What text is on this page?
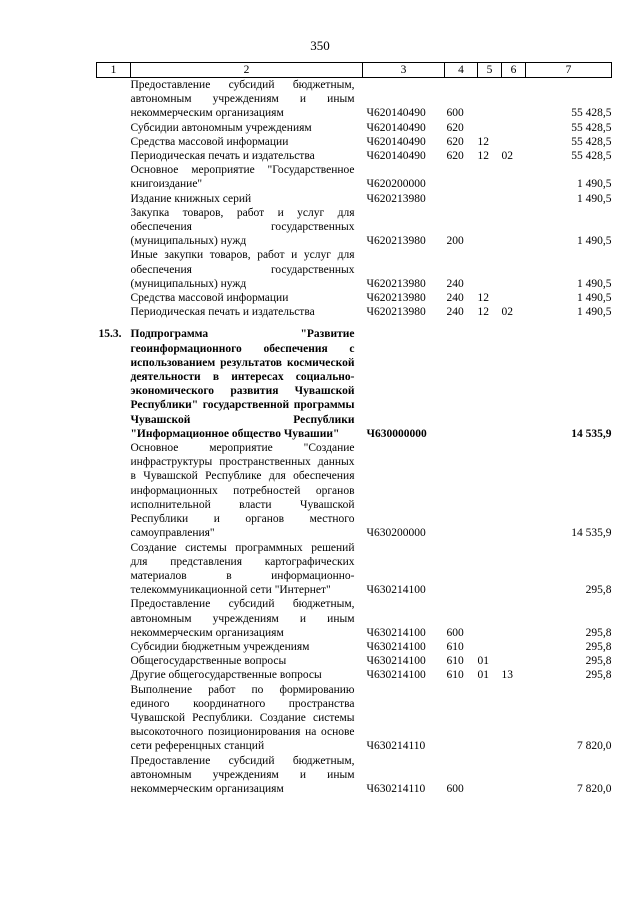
350
1	2	3	4	5	6	7
	Предоставление субсидий бюджетным, автономным учреждениям и иным некоммерческим организациям	Ч620140490	600			55 428,5
	Субсидии автономным учреждениям	Ч620140490	620			55 428,5
	Средства массовой информации	Ч620140490	620	12		55 428,5
	Периодическая печать и издательства	Ч620140490	620	12	02	55 428,5
	Основное мероприятие "Государственное книгоиздание"	Ч620200000				1 490,5
	Издание книжных серий	Ч620213980				1 490,5
	Закупка товаров, работ и услуг для обеспечения государственных (муниципальных) нужд	Ч620213980	200			1 490,5
	Иные закупки товаров, работ и услуг для обеспечения государственных (муниципальных) нужд	Ч620213980	240			1 490,5
	Средства массовой информации	Ч620213980	240	12		1 490,5
	Периодическая печать и издательства	Ч620213980	240	12	02	1 490,5

15.3.	Подпрограмма "Развитие геоинформационного обеспечения с использованием результатов космической деятельности в интересах социально-экономического развития Чувашской Республики" государственной программы Чувашской Республики "Информационное общество Чувашии"	Ч630000000				14 535,9
	Основное мероприятие "Создание инфраструктуры пространственных данных в Чувашской Республике для обеспечения информационных потребностей органов исполнительной власти Чувашской Республики и органов местного самоуправления"	Ч630200000				14 535,9
	Создание системы программных решений для представления картографических материалов в информационно-телекоммуникационной сети "Интернет"	Ч630214100				295,8
	Предоставление субсидий бюджетным, автономным учреждениям и иным некоммерческим организациям	Ч630214100	600			295,8
	Субсидии бюджетным учреждениям	Ч630214100	610			295,8
	Общегосударственные вопросы	Ч630214100	610	01		295,8
	Другие общегосударственные вопросы	Ч630214100	610	01	13	295,8
	Выполнение работ по формированию единого координатного пространства Чувашской Республики. Создание системы высокоточного позиционирования на основе сети референцных станций	Ч630214110				7 820,0
	Предоставление субсидий бюджетным, автономным учреждениям и иным некоммерческим организациям	Ч630214110	600			7 820,0
